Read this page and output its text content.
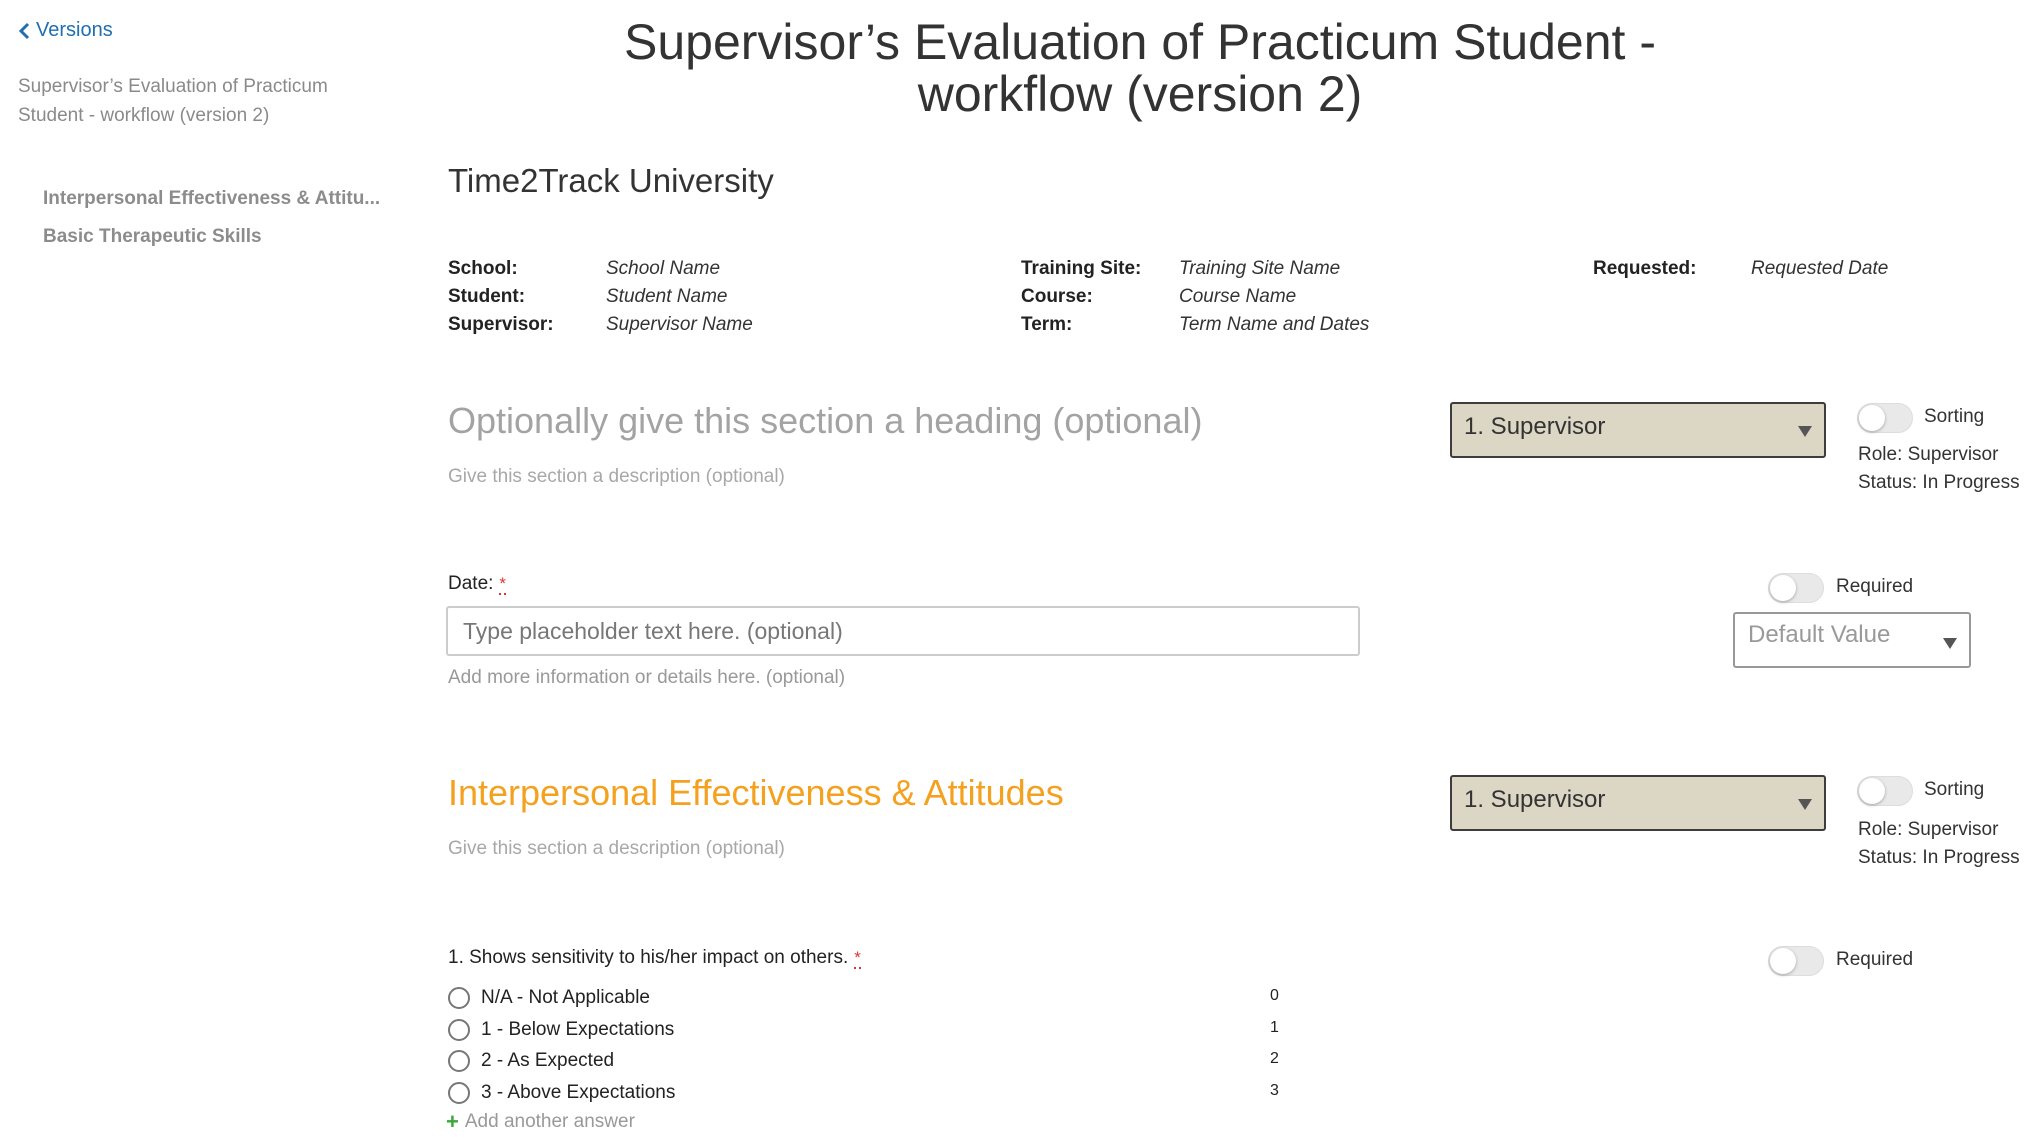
Versions
Supervisor’s Evaluation of Practicum Student - workflow (version 2)
Interpersonal Effectiveness & Attitu...
Basic Therapeutic Skills
Supervisor’s Evaluation of Practicum Student -
workflow (version 2)
Time2Track University
School:	School Name
Student:	Student Name
Supervisor:	Supervisor Name
Training Site: Training Site Name
Course:	Course Name
Term:	Term Name and Dates
Requested:	Requested Date
Optionally give this section a heading (optional)
Give this section a description (optional)
1. Supervisor	Sorting
Role: Supervisor
Status: In Progress
Date: *	Required
Type placeholder text here. (optional)
Add more information or details here. (optional)
Default Value
Interpersonal Effectiveness & Attitudes
Give this section a description (optional)
1. Supervisor	Sorting
Role: Supervisor
Status: In Progress
1. Shows sensitivity to his/her impact on others. *	Required
N/A - Not Applicable	0
1 - Below Expectations	1
2 - As Expected	2
3 - Above Expectations	3
+ Add another answer
